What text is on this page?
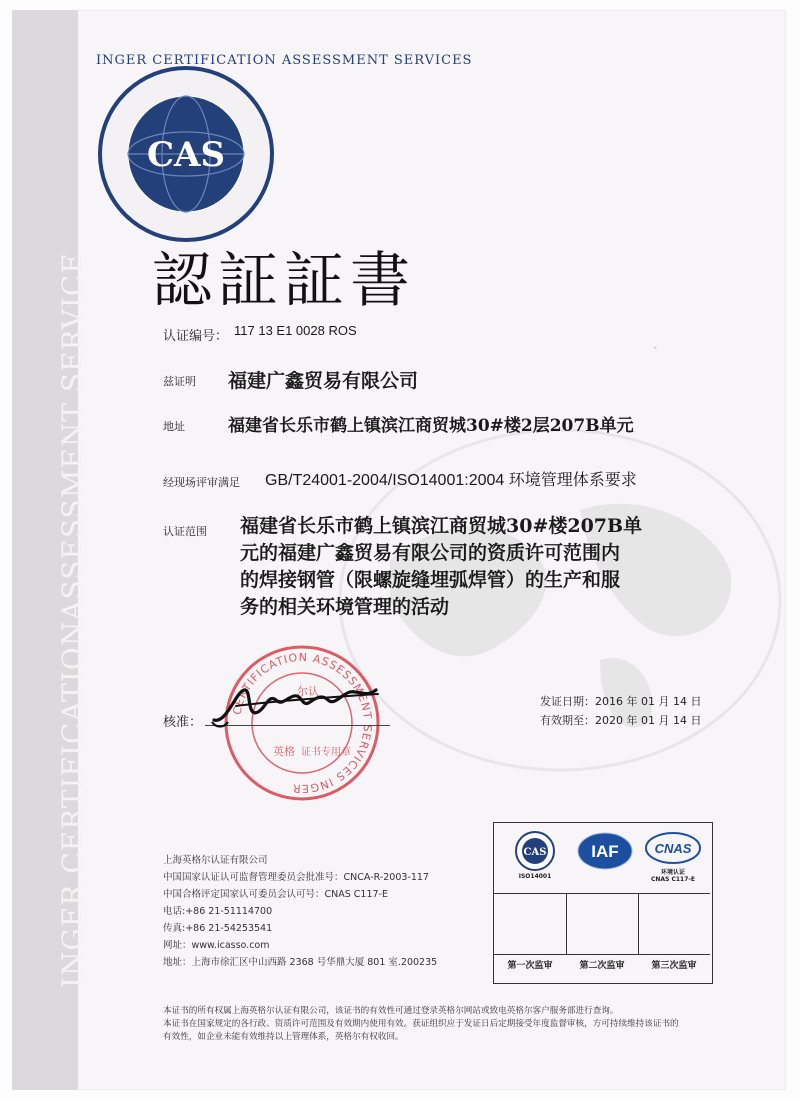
INGER CERTIFICATIONASSESSMENT SERVICE
CAS
INGER CERTIFICATION ASSESSMENT SERVICES
認証証書
认证编号： 117 13 E1 0028 ROS
兹证明 福建广鑫贸易有限公司
地址	福建省长乐市鹤上镇滨江商贸城30#楼2层207B单元
经现场评审满足 GB/T24001-2004/ISO14001:2004 环境管理体系要求
认证范围 福建省长乐市鹤上镇滨江商贸城30#楼207B单
元的福建广鑫贸易有限公司的资质许可范围内
的焊接钢管（限螺旋缝埋弧焊管）的生产和服
务的相关环境管理的活动
ˇ
CERTIFICATION ASSESSMENT SERVICES INGER
尔认
英格 证书专用章
核准：
发证日期：2016 年 01 月 14 日
有效期至：2020 年 01 月 14 日
上海英格尔认证有限公司
中国国家认证认可监督管理委员会批准号：CNCA-R-2003-117
中国合格评定国家认可委员会认可号：CNAS C117-E
电话:+86 21-51114700
传真:+86 21-54253541
网址：www.icasso.com
地址：上海市徐汇区中山西路 2368 号华鼎大厦 801 室.200235
CAS
ISO14001
IAF	CNAS
环境认证
CNAS C117-E
第一次监审	第二次监审	第三次监审
本证书的所有权属上海英格尔认证有限公司，该证书的有效性可通过登录英格尔网站或致电英格尔客户服务部进行查询。
本证书在国家规定的各行政、资质许可范围及有效期内使用有效。获证组织应于发证日后定期接受年度监督审核，方可持续维持该证书的
有效性，如企业未能有效维持以上管理体系，英格尔有权收回。
